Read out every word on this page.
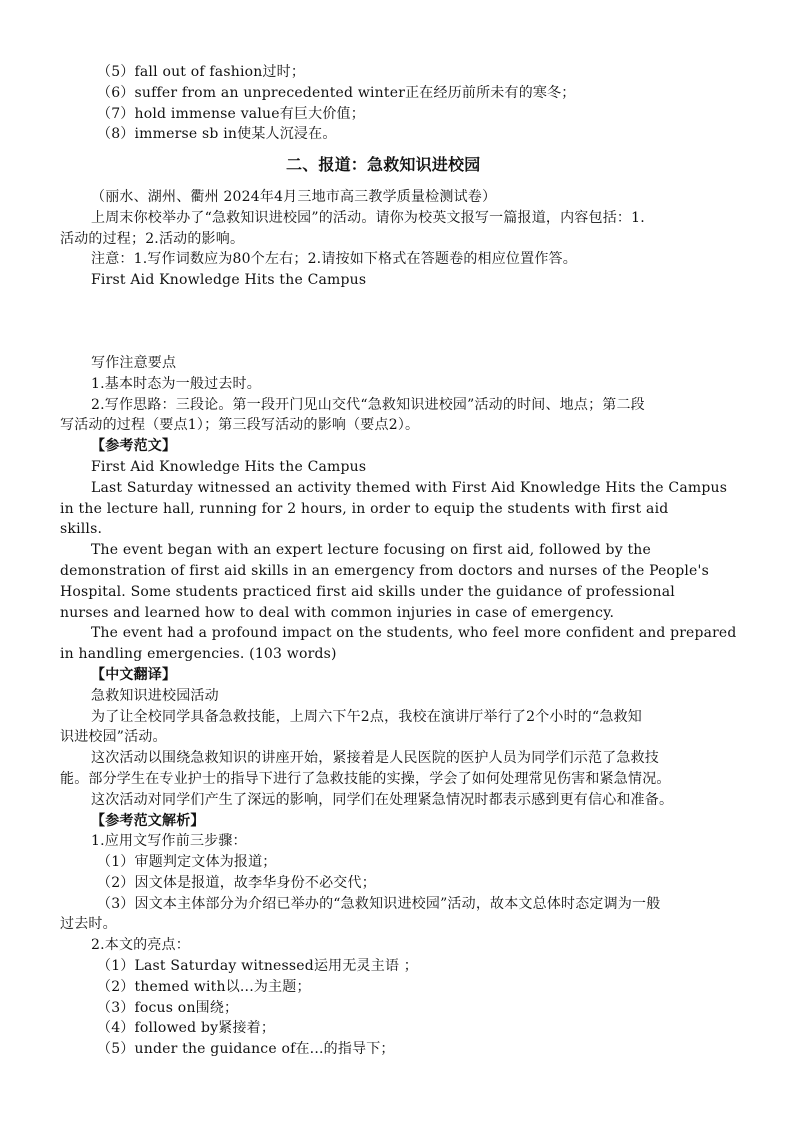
（5）fall out of fashion过时；
（6）suffer from an unprecedented winter正在经历前所未有的寒冬；
（7）hold immense value有巨大价值；
（8）immerse sb in使某人沉浸在。
二、报道：急救知识进校园
（丽水、湖州、衢州 2024年4月三地市高三教学质量检测试卷）
上周末你校举办了“急救知识进校园”的活动。请你为校英文报写一篇报道，内容包括：1.
活动的过程；2.活动的影响。
注意：1.写作词数应为80个左右；2.请按如下格式在答题卷的相应位置作答。
First Aid Knowledge Hits the Campus
写作注意要点
1.基本时态为一般过去时。
2.写作思路：三段论。第一段开门见山交代“急救知识进校园”活动的时间、地点；第二段
写活动的过程（要点1）；第三段写活动的影响（要点2）。
【参考范文】
First Aid Knowledge Hits the Campus
Last Saturday witnessed an activity themed with First Aid Knowledge Hits the Campus
in the lecture hall, running for 2 hours, in order to equip the students with first aid
skills.
The event began with an expert lecture focusing on first aid, followed by the
demonstration of first aid skills in an emergency from doctors and nurses of the People's
Hospital. Some students practiced first aid skills under the guidance of professional
nurses and learned how to deal with common injuries in case of emergency.
The event had a profound impact on the students, who feel more confident and prepared
in handling emergencies. (103 words)
【中文翻译】
急救知识进校园活动
为了让全校同学具备急救技能，上周六下午2点，我校在演讲厅举行了2个小时的“急救知
识进校园”活动。
这次活动以围绕急救知识的讲座开始，紧接着是人民医院的医护人员为同学们示范了急救技
能。部分学生在专业护士的指导下进行了急救技能的实操，学会了如何处理常见伤害和紧急情况。
这次活动对同学们产生了深远的影响，同学们在处理紧急情况时都表示感到更有信心和准备。
【参考范文解析】
1.应用文写作前三步骤：
（1）审题判定文体为报道；
（2）因文体是报道，故李华身份不必交代；
（3）因文本主体部分为介绍已举办的“急救知识进校园”活动，故本文总体时态定调为一般
过去时。
2.本文的亮点：
（1）Last Saturday witnessed运用无灵主语 ；
（2）themed with以...为主题；
（3）focus on围绕；
（4）followed by紧接着；
（5）under the guidance of在...的指导下；
